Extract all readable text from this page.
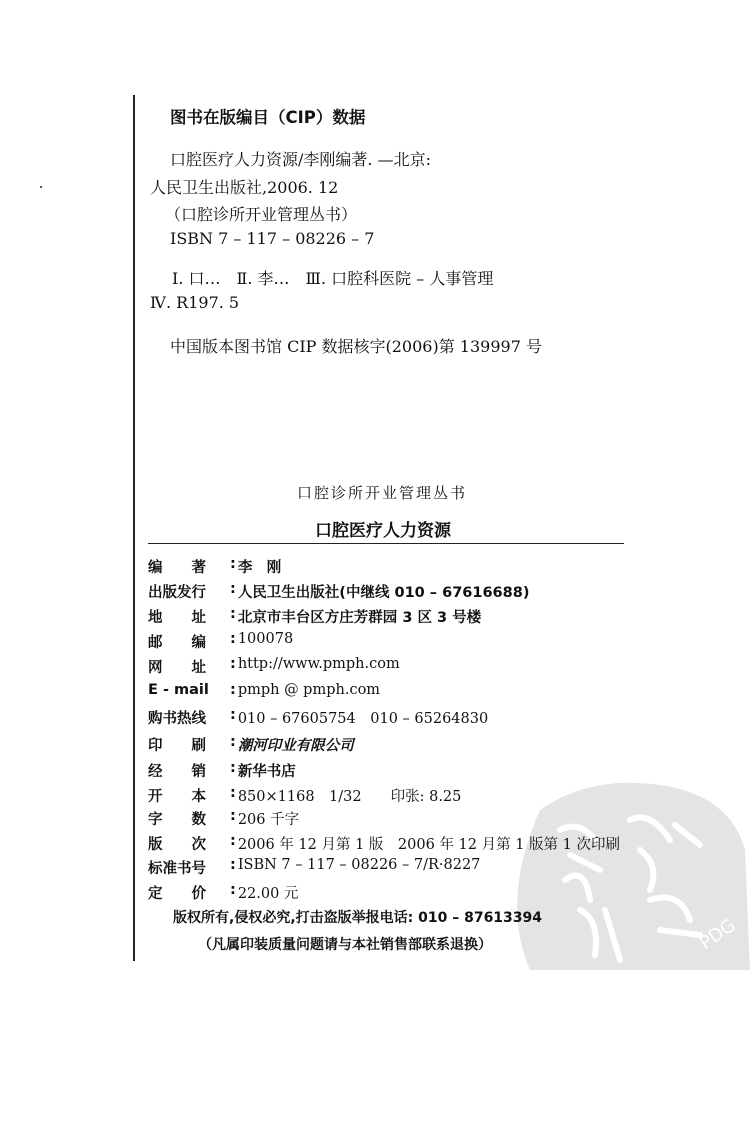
PDG
图书在版编目（CIP）数据
口腔医疗人力资源/李刚编著. —北京:
人民卫生出版社,2006. 12
（口腔诊所开业管理丛书）
ISBN 7 – 117 – 08226 – 7
Ⅰ. 口…　Ⅱ. 李…　Ⅲ. 口腔科医院 – 人事管理
Ⅳ. R197. 5
中国版本图书馆 CIP 数据核字(2006)第 139997 号
口腔诊所开业管理丛书
口腔医疗人力资源
编　　著	: 李　刚
出版发行	: 人民卫生出版社(中继线 010 – 67616688)
地　　址	: 北京市丰台区方庄芳群园 3 区 3 号楼
邮　　编	: 100078
网　　址	: http://www.pmph.com
E - mail	: pmph @ pmph.com
购书热线	: 010 – 67605754　010 – 65264830
印　　刷	: 潮河印业有限公司
经　　销	: 新华书店
开　　本	: 850×1168　1/32　　印张: 8.25
字　　数	: 206 千字
版　　次	: 2006 年 12 月第 1 版　2006 年 12 月第 1 版第 1 次印刷
标准书号	: ISBN 7 – 117 – 08226 – 7/R·8227
定　　价	: 22.00 元
版权所有,侵权必究,打击盗版举报电话: 010 – 87613394
（凡属印装质量问题请与本社销售部联系退换）
